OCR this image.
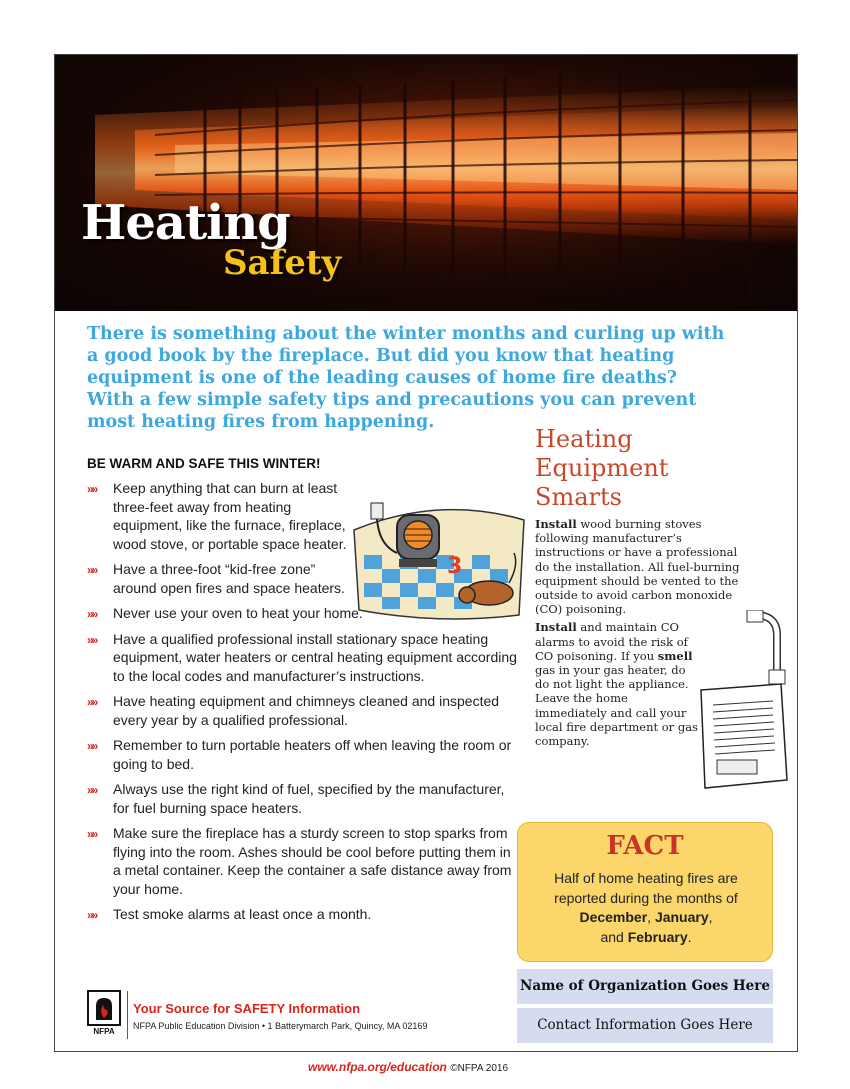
Heating
Safety
There is something about the winter months and curling up with a good book by the fireplace. But did you know that heating equipment is one of the leading causes of home fire deaths? With a few simple safety tips and precautions you can prevent most heating fires from happening.
BE WARM AND SAFE THIS WINTER!
»» Keep anything that can burn at least three-feet away from heating equipment, like the furnace, fireplace, wood stove, or portable space heater.
»» Have a three-foot “kid-free zone” around open fires and space heaters.
»» Never use your oven to heat your home.
»» Have a qualified professional install stationary space heating equipment, water heaters or central heating equipment according to the local codes and manufacturer’s instructions.
»» Have heating equipment and chimneys cleaned and inspected every year by a qualified professional.
»» Remember to turn portable heaters off when leaving the room or going to bed.
»» Always use the right kind of fuel, specified by the manufacturer, for fuel burning space heaters.
»» Make sure the fireplace has a sturdy screen to stop sparks from flying into the room. Ashes should be cool before putting them in a metal container. Keep the container a safe distance away from your home.
»» Test smoke alarms at least once a month.
3
Heating
Equipment
Smarts

Install wood burning stoves following manufacturer’s instructions or have a professional do the installation. All fuel-burning equipment should be vented to the outside to avoid carbon monoxide (CO) poisoning.

Install and maintain CO alarms to avoid the risk of CO poisoning. If you smell gas in your gas heater, do do not light the appliance. Leave the home immediately and call your local fire department or gas company.

FACT
Half of home heating fires are reported during the months of December, January,
and February.
Name of Organization Goes Here
Contact Information Goes Here
NFPA
Your Source for SAFETY Information
NFPA Public Education Division • 1 Batterymarch Park, Quincy, MA 02169
www.nfpa.org/education ©NFPA 2016
